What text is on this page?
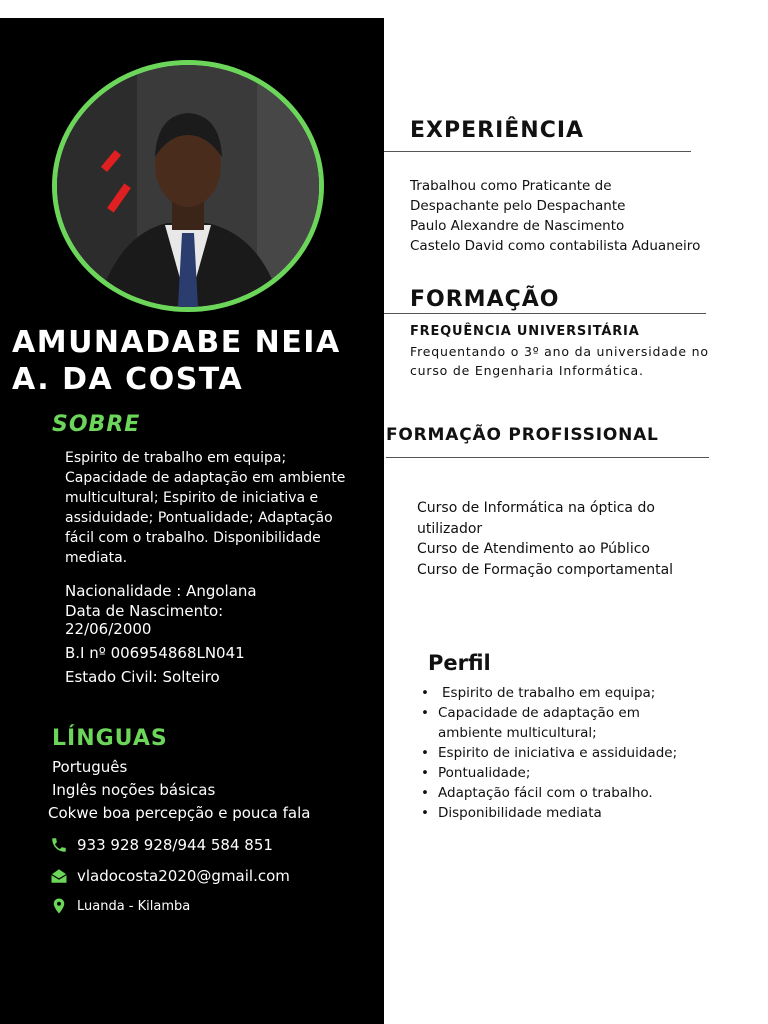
AMUNADABE NEIA
A. DA COSTA
SOBRE

Espirito de trabalho em equipa; Capacidade de adaptação em ambiente multicultural; Espirito de iniciativa e assiduidade; Pontualidade; Adaptação fácil com o trabalho. Disponibilidade mediata.

Nacionalidade : Angolana
Data de Nascimento:
22/06/2000
B.I nº 006954868LN041
Estado Civil: Solteiro
LÍNGUAS
Português
Inglês noções básicas
Cokwe boa percepção e pouca fala
933 928 928/944 584 851
vladocosta2020@gmail.com
Luanda - Kilamba
EXPERIÊNCIA

Trabalhou como Praticante de
Despachante pelo Despachante
Paulo Alexandre de Nascimento
Castelo David como contabilista Aduaneiro

FORMAÇÃO

FREQUÊNCIA UNIVERSITÁRIA

Frequentando o 3º ano da universidade no
curso de Engenharia Informática.

FORMAÇÃO PROFISSIONAL
Curso de Informática na óptica do
utilizador
Curso de Atendimento ao Público
Curso de Formação comportamental
Perfil
• Espirito de trabalho em equipa;
• Capacidade de adaptação em ambiente multicultural;
• Espirito de iniciativa e assiduidade;
• Pontualidade;
• Adaptação fácil com o trabalho.
• Disponibilidade mediata
